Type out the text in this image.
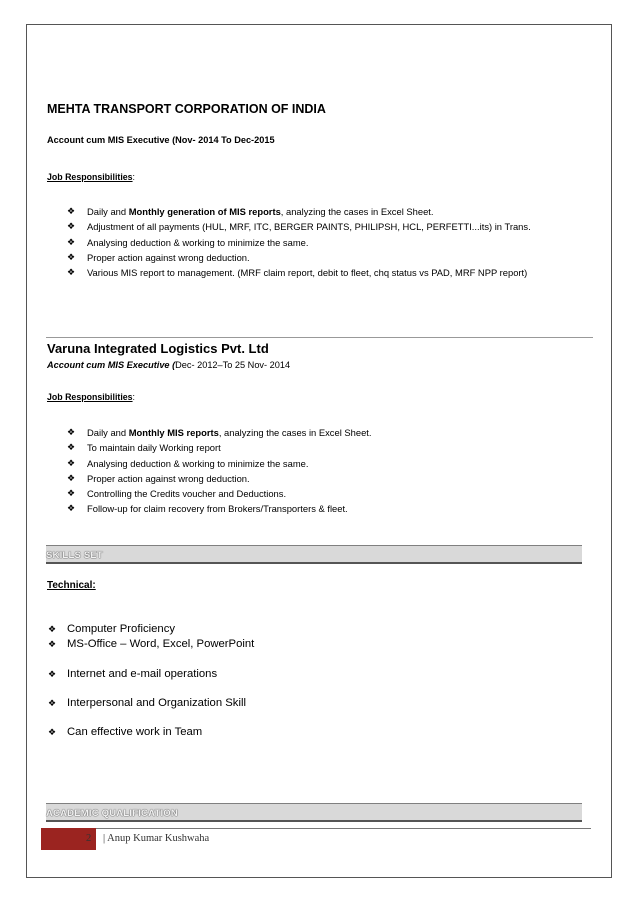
MEHTA TRANSPORT CORPORATION OF INDIA
Account cum MIS Executive (Nov- 2014 To Dec-2015
Job Responsibilities:
❖ Daily and Monthly generation of MIS reports, analyzing the cases in Excel Sheet.
❖ Adjustment of all payments (HUL, MRF, ITC, BERGER PAINTS, PHILIPSH, HCL, PERFETTI...its) in Trans.
❖ Analysing deduction & working to minimize the same.
❖ Proper action against wrong deduction.
❖ Various MIS report to management. (MRF claim report, debit to fleet, chq status vs PAD, MRF NPP report)
Varuna Integrated Logistics Pvt. Ltd
Account cum MIS Executive (Dec- 2012–To 25 Nov- 2014
Job Responsibilities:
❖ Daily and Monthly MIS reports, analyzing the cases in Excel Sheet.
❖ To maintain daily Working report
❖ Analysing deduction & working to minimize the same.
❖ Proper action against wrong deduction.
❖ Controlling the Credits voucher and Deductions.
❖ Follow-up for claim recovery from Brokers/Transporters & fleet.
SKILLS SET
Technical:
❖ Computer Proficiency
❖ MS-Office – Word, Excel, PowerPoint
❖ Internet and e-mail operations
❖ Interpersonal and Organization Skill
❖ Can effective work in Team
ACADEMIC QUALIFICATION
2 | Anup Kumar Kushwaha
